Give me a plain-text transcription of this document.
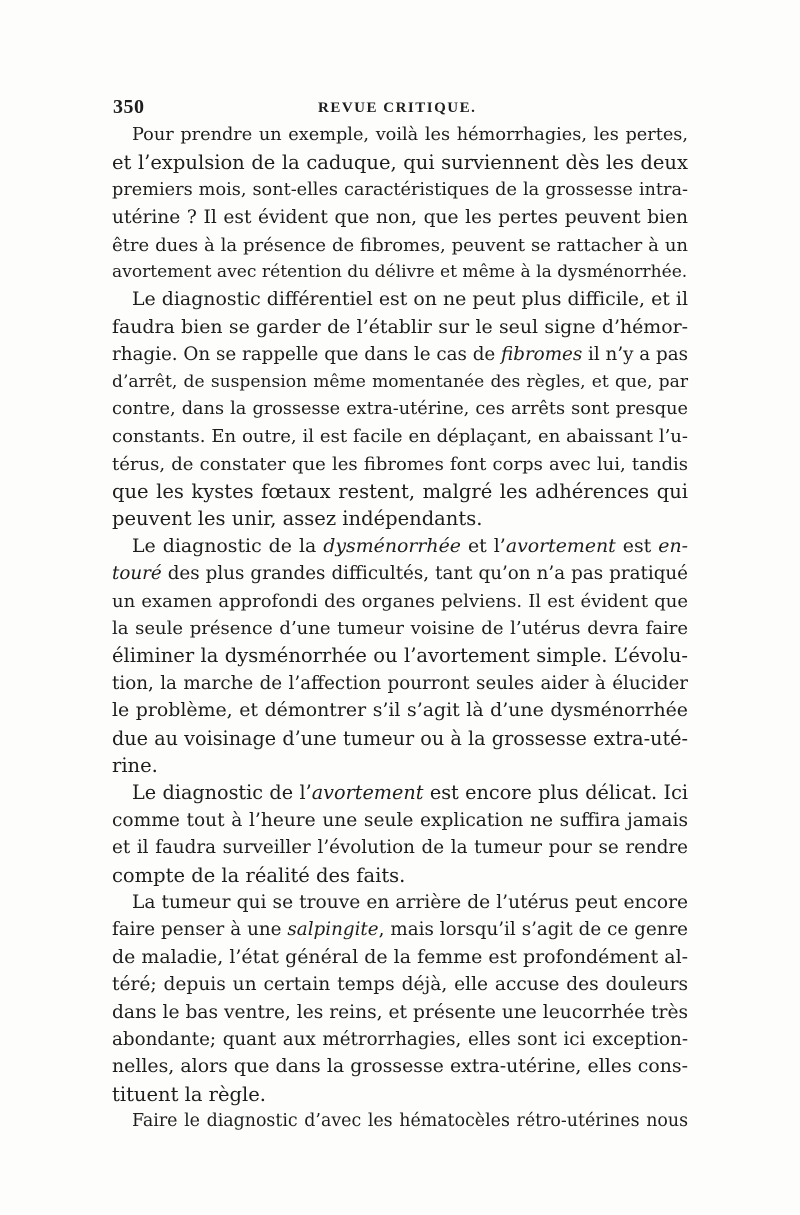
350	REVUE CRITIQUE.
Pour prendre un exemple, voilà les hémorrhagies, les pertes,
et l’expulsion de la caduque, qui surviennent dès les deux
premiers mois, sont-elles caractéristiques de la grossesse intra-
utérine ? Il est évident que non, que les pertes peuvent bien
être dues à la présence de fibromes, peuvent se rattacher à un
avortement avec rétention du délivre et même à la dysménorrhée.
Le diagnostic différentiel est on ne peut plus difficile, et il
faudra bien se garder de l’établir sur le seul signe d’hémor-
rhagie. On se rappelle que dans le cas de fibromes il n’y a pas
d’arrêt, de suspension même momentanée des règles, et que, par
contre, dans la grossesse extra-utérine, ces arrêts sont presque
constants. En outre, il est facile en déplaçant, en abaissant l’u-
térus, de constater que les fibromes font corps avec lui, tandis
que les kystes fœtaux restent, malgré les adhérences qui
peuvent les unir, assez indépendants.
Le diagnostic de la dysménorrhée et l’avortement est en-
touré des plus grandes difficultés, tant qu’on n’a pas pratiqué
un examen approfondi des organes pelviens. Il est évident que
la seule présence d’une tumeur voisine de l’utérus devra faire
éliminer la dysménorrhée ou l’avortement simple. L’évolu-
tion, la marche de l’affection pourront seules aider à élucider
le problème, et démontrer s’il s’agit là d’une dysménorrhée
due au voisinage d’une tumeur ou à la grossesse extra-uté-
rine.
Le diagnostic de l’avortement est encore plus délicat. Ici
comme tout à l’heure une seule explication ne suffira jamais
et il faudra surveiller l’évolution de la tumeur pour se rendre
compte de la réalité des faits.
La tumeur qui se trouve en arrière de l’utérus peut encore
faire penser à une salpingite, mais lorsqu’il s’agit de ce genre
de maladie, l’état général de la femme est profondément al-
téré; depuis un certain temps déjà, elle accuse des douleurs
dans le bas ventre, les reins, et présente une leucorrhée très
abondante; quant aux métrorrhagies, elles sont ici exception-
nelles, alors que dans la grossesse extra-utérine, elles cons-
tituent la règle.
Faire le diagnostic d’avec les hématocèles rétro-utérines nous
